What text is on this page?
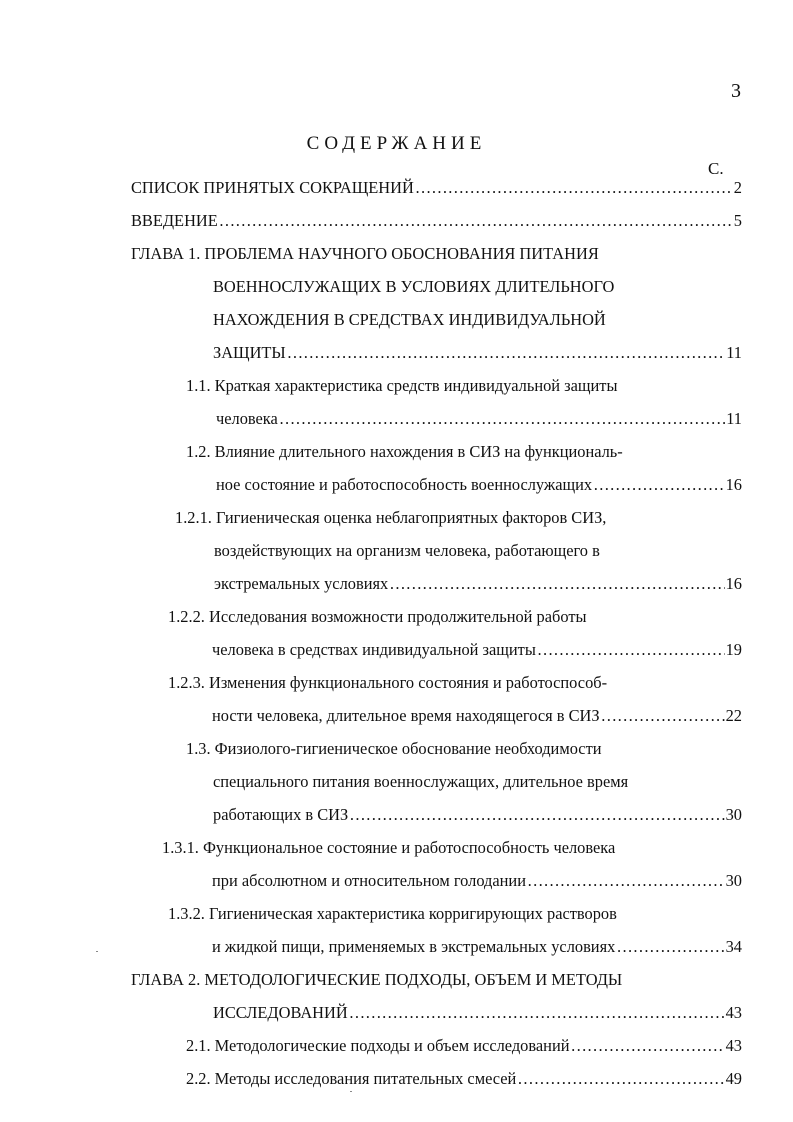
3
СОДЕРЖАНИЕ
С.
СПИСОК ПРИНЯТЫХ СОКРАЩЕНИЙ …………………………………………………………………………………………………………………………………………	2
ВВЕДЕНИЕ …………………………………………………………………………………………………………………………………………	5
ГЛАВА 1. ПРОБЛЕМА НАУЧНОГО ОБОСНОВАНИЯ ПИТАНИЯ
ВОЕННОСЛУЖАЩИХ В УСЛОВИЯХ ДЛИТЕЛЬНОГО
НАХОЖДЕНИЯ В СРЕДСТВАХ ИНДИВИДУАЛЬНОЙ
ЗАЩИТЫ …………………………………………………………………………………………………………………………………………	11
1.1. Краткая характеристика средств индивидуальной защиты
человека …………………………………………………………………………………………………………………………………………	11
1.2. Влияние длительного нахождения в СИЗ на функциональ-
ное состояние и работоспособность военнослужащих …………………………………………………………………………………………………………………………………………	16
1.2.1. Гигиеническая оценка неблагоприятных факторов СИЗ,
воздействующих на организм человека, работающего в
экстремальных условиях …………………………………………………………………………………………………………………………………………	16
1.2.2. Исследования возможности продолжительной работы
человека в средствах индивидуальной защиты …………………………………………………………………………………………………………………………………………	19
1.2.3. Изменения функционального состояния и работоспособ-
ности человека, длительное время находящегося в СИЗ …………………………………………………………………………………………………………………………………………	22
1.3. Физиолого-гигиеническое обоснование необходимости
специального питания военнослужащих, длительное время
работающих в СИЗ …………………………………………………………………………………………………………………………………………	30
1.3.1. Функциональное состояние и работоспособность человека
при абсолютном и относительном голодании …………………………………………………………………………………………………………………………………………	30
1.3.2. Гигиеническая характеристика корригирующих растворов
и жидкой пищи, применяемых в экстремальных условиях …………………………………………………………………………………………………………………………………………	34
ГЛАВА 2. МЕТОДОЛОГИЧЕСКИЕ ПОДХОДЫ, ОБЪЕМ И МЕТОДЫ
ИССЛЕДОВАНИЙ …………………………………………………………………………………………………………………………………………	43
2.1. Методологические подходы и объем исследований …………………………………………………………………………………………………………………………………………	43
2.2. Методы исследования питательных смесей …………………………………………………………………………………………………………………………………………	49
